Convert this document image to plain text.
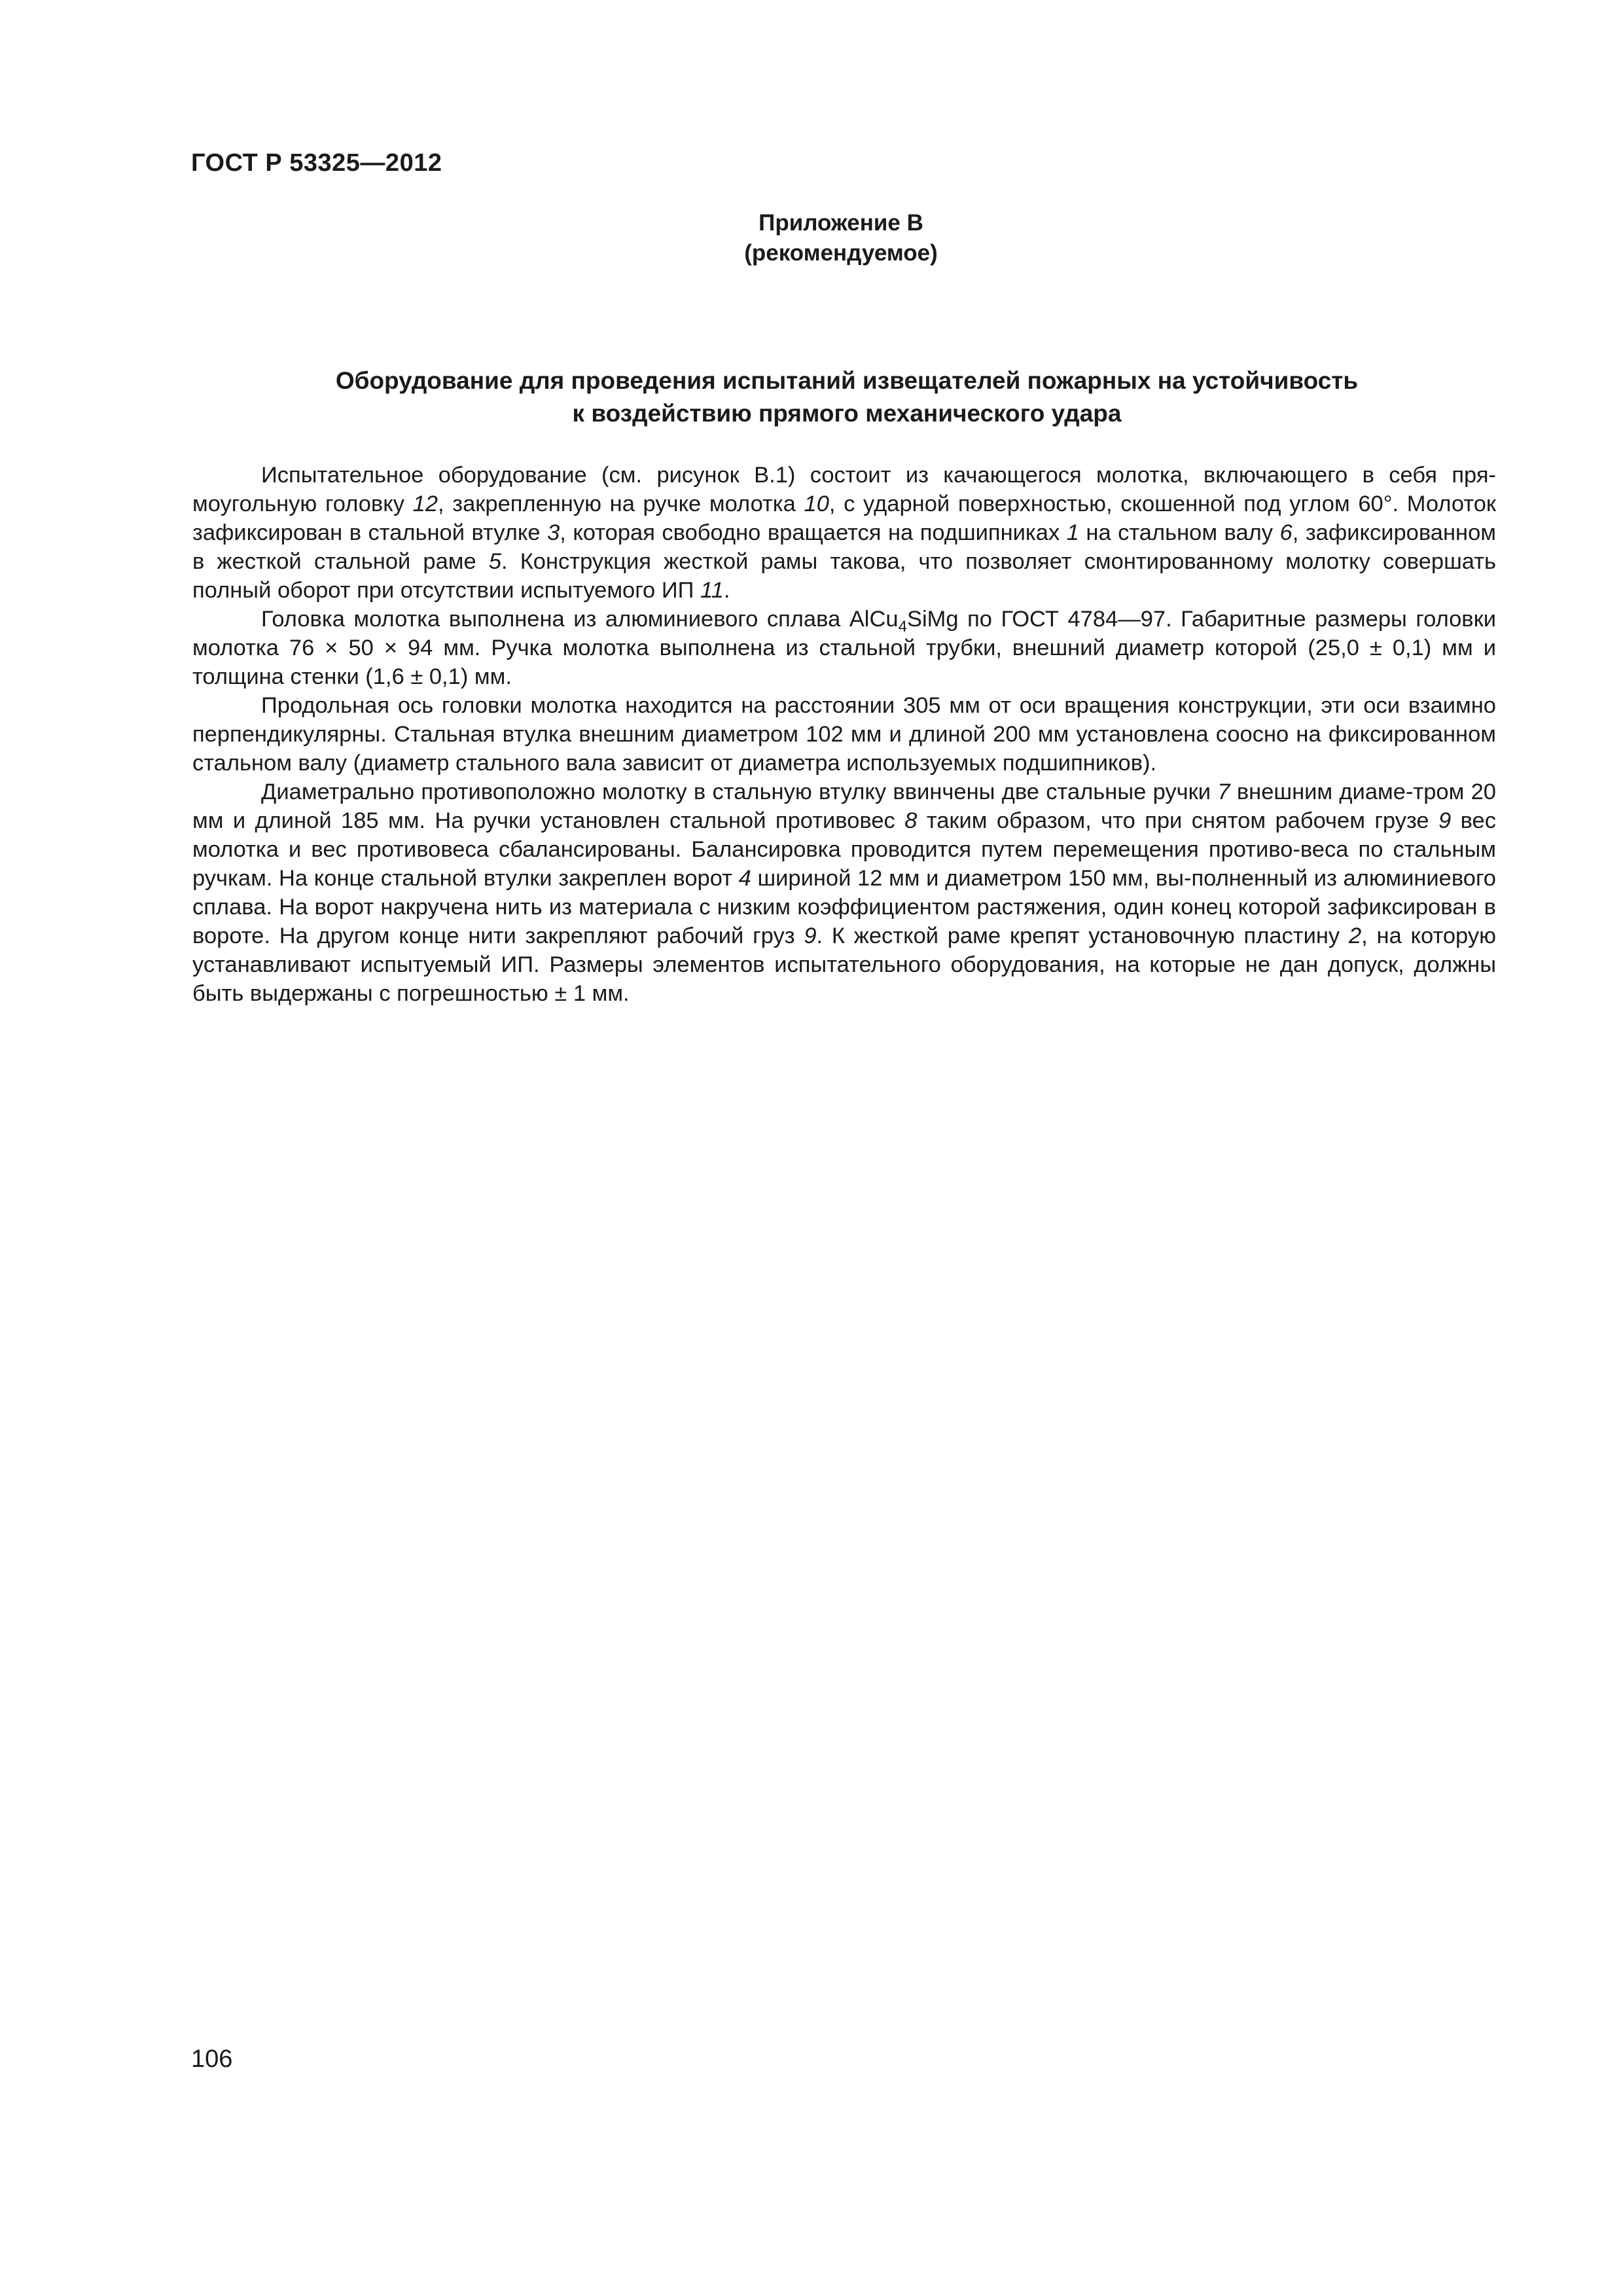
ГОСТ Р 53325—2012
Приложение В
(рекомендуемое)
Оборудование для проведения испытаний извещателей пожарных на устойчивость
к воздействию прямого механического удара

Испытательное оборудование (см. рисунок В.1) состоит из качающегося молотка, включающего в себя пря-моугольную головку 12, закрепленную на ручке молотка 10, с ударной поверхностью, скошенной под углом 60°. Молоток зафиксирован в стальной втулке 3, которая свободно вращается на подшипниках 1 на стальном валу 6, зафиксированном в жесткой стальной раме 5. Конструкция жесткой рамы такова, что позволяет смонтированному молотку совершать полный оборот при отсутствии испытуемого ИП 11.

Головка молотка выполнена из алюминиевого сплава AlCu$_4$SiMg по ГОСТ 4784—97. Габаритные размеры головки молотка 76 × 50 × 94 мм. Ручка молотка выполнена из стальной трубки, внешний диаметр которой (25,0 ± 0,1) мм и толщина стенки (1,6 ± 0,1) мм.

Продольная ось головки молотка находится на расстоянии 305 мм от оси вращения конструкции, эти оси взаимно перпендикулярны. Стальная втулка внешним диаметром 102 мм и длиной 200 мм установлена соосно на фиксированном стальном валу (диаметр стального вала зависит от диаметра используемых подшипников).

Диаметрально противоположно молотку в стальную втулку ввинчены две стальные ручки 7 внешним диаме-тром 20 мм и длиной 185 мм. На ручки установлен стальной противовес 8 таким образом, что при снятом рабочем грузе 9 вес молотка и вес противовеса сбалансированы. Балансировка проводится путем перемещения противо-веса по стальным ручкам. На конце стальной втулки закреплен ворот 4 шириной 12 мм и диаметром 150 мм, вы-полненный из алюминиевого сплава. На ворот накручена нить из материала с низким коэффициентом растяжения, один конец которой зафиксирован в вороте. На другом конце нити закрепляют рабочий груз 9. К жесткой раме крепят установочную пластину 2, на которую устанавливают испытуемый ИП. Размеры элементов испытательного оборудования, на которые не дан допуск, должны быть выдержаны с погрешностью ± 1 мм.

106
